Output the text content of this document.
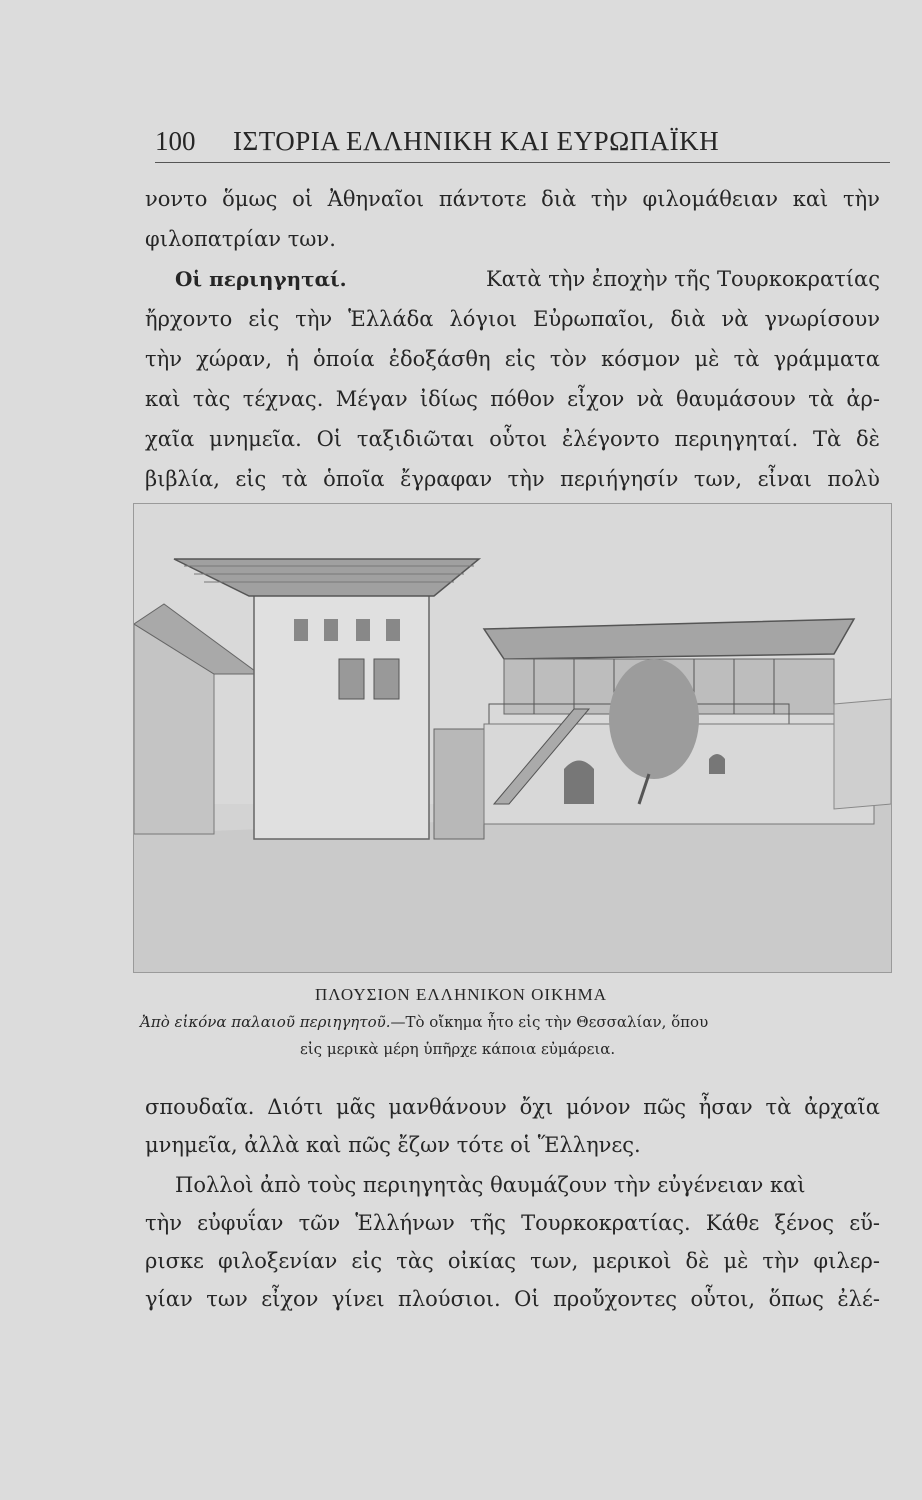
100 ΙΣΤΟΡΙΑ ΕΛΛΗΝΙΚΗ ΚΑΙ ΕΥΡΩΠΑΪΚΗ
νοντο ὅμως οἱ Ἀθηναῖοι πάντοτε διὰ τὴν φιλομάθειαν καὶ τὴν
φιλοπατρίαν των.
Οἱ περιηγηταί.	Κατὰ τὴν ἐποχὴν τῆς Τουρκοκρατίας
ἤρχοντο εἰς τὴν Ἑλλάδα λόγιοι Εὐρωπαῖοι, διὰ νὰ γνωρίσουν
τὴν χώραν, ἡ ὁποία ἐδοξάσθη εἰς τὸν κόσμον μὲ τὰ γράμματα
καὶ τὰς τέχνας. Μέγαν ἰδίως πόθον εἶχον νὰ θαυμάσουν τὰ ἀρ-
χαῖα μνημεῖα. Οἱ ταξιδιῶται οὗτοι ἐλέγοντο περιηγηταί. Τὰ δὲ
βιβλία, εἰς τὰ ὁποῖα ἔγραφαν τὴν περιήγησίν των, εἶναι πολὺ
ΠΛΟΥΣΙΟΝ ΕΛΛΗΝΙΚΟΝ ΟΙΚΗΜΑ
Ἀπὸ εἰκόνα παλαιοῦ περιηγητοῦ.—Τὸ οἴκημα ἦτο εἰς τὴν Θεσσαλίαν, ὅπου
εἰς μερικὰ μέρη ὑπῆρχε κάποια εὐμάρεια.
σπουδαῖα. Διότι μᾶς μανθάνουν ὄχι μόνον πῶς ἦσαν τὰ ἀρχαῖα
μνημεῖα, ἀλλὰ καὶ πῶς ἔζων τότε οἱ Ἕλληνες.
Πολλοὶ ἀπὸ τοὺς περιηγητὰς θαυμάζουν τὴν εὐγένειαν καὶ
τὴν εὐφυΐαν τῶν Ἑλλήνων τῆς Τουρκοκρατίας. Κάθε ξένος εὕ-
ρισκε φιλοξενίαν εἰς τὰς οἰκίας των, μερικοὶ δὲ μὲ τὴν φιλερ-
γίαν των εἶχον γίνει πλούσιοι. Οἱ προὔχοντες οὗτοι, ὅπως ἐλέ-
